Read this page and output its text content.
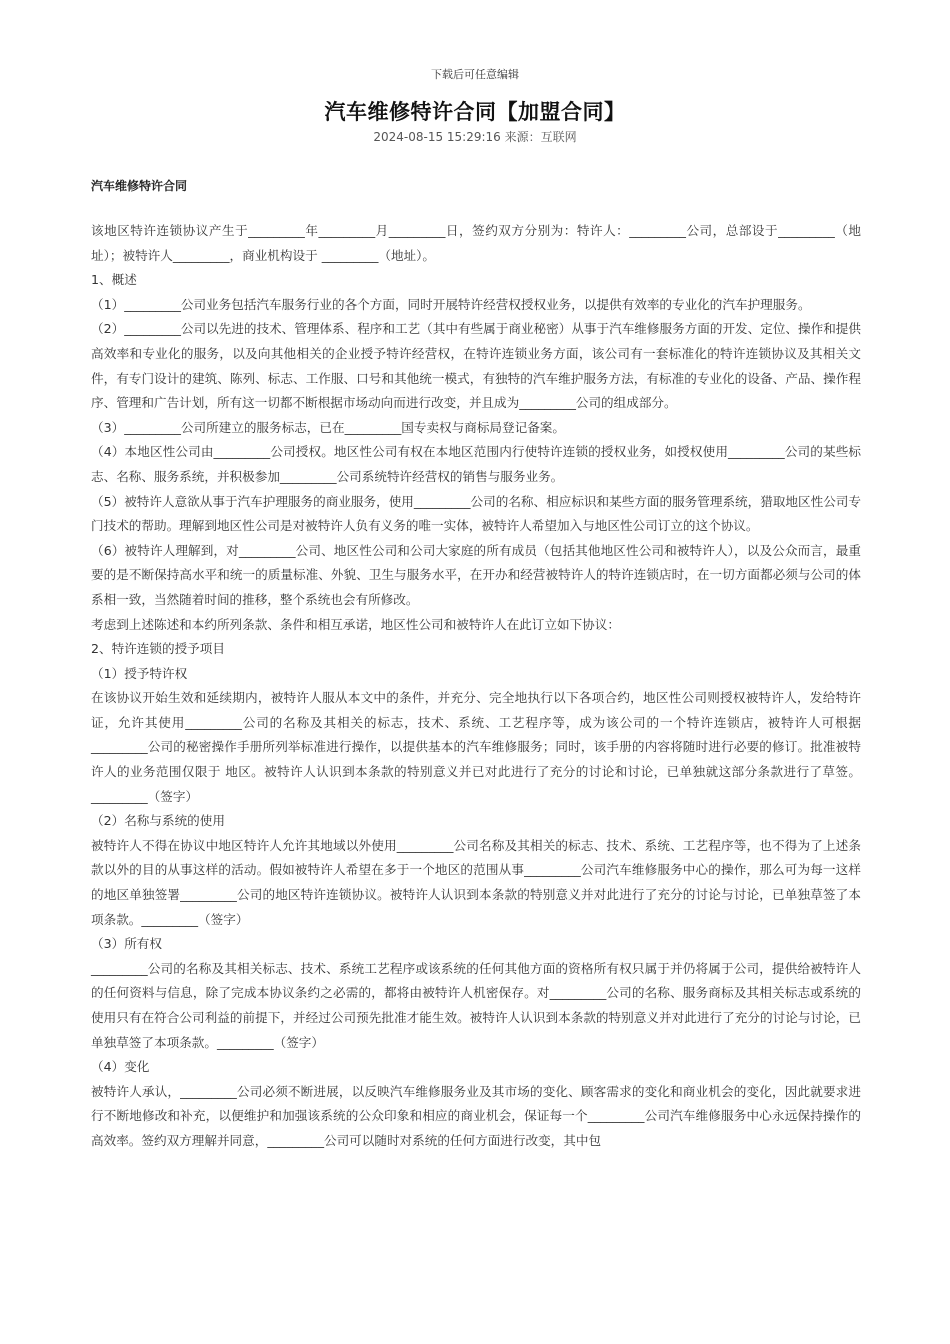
下载后可任意编辑
汽车维修特许合同【加盟合同】
2024-08-15 15:29:16 来源：互联网
汽车维修特许合同

该地区特许连锁协议产生于_________年_________月_________日，签约双方分别为：特许人：_________公司，总部设于_________（地址）；被特许人_________，商业机构设于 _________（地址）。

1、概述

（1）_________公司业务包括汽车服务行业的各个方面，同时开展特许经营权授权业务，以提供有效率的专业化的汽车护理服务。

（2）_________公司以先进的技术、管理体系、程序和工艺（其中有些属于商业秘密）从事于汽车维修服务方面的开发、定位、操作和提供高效率和专业化的服务，以及向其他相关的企业授予特许经营权，在特许连锁业务方面，该公司有一套标准化的特许连锁协议及其相关文件，有专门设计的建筑、陈列、标志、工作服、口号和其他统一模式，有独特的汽车维护服务方法，有标准的专业化的设备、产品、操作程序、管理和广告计划，所有这一切都不断根据市场动向而进行改变，并且成为_________公司的组成部分。

（3）_________公司所建立的服务标志，已在_________国专卖权与商标局登记备案。

（4）本地区性公司由_________公司授权。地区性公司有权在本地区范围内行使特许连锁的授权业务，如授权使用_________公司的某些标志、名称、服务系统，并积极参加_________公司系统特许经营权的销售与服务业务。

（5）被特许人意欲从事于汽车护理服务的商业服务，使用_________公司的名称、相应标识和某些方面的服务管理系统，猎取地区性公司专门技术的帮助。理解到地区性公司是对被特许人负有义务的唯一实体，被特许人希望加入与地区性公司订立的这个协议。

（6）被特许人理解到，对_________公司、地区性公司和公司大家庭的所有成员（包括其他地区性公司和被特许人），以及公众而言，最重要的是不断保持高水平和统一的质量标准、外貌、卫生与服务水平，在开办和经营被特许人的特许连锁店时，在一切方面都必须与公司的体系相一致，当然随着时间的推移，整个系统也会有所修改。

考虑到上述陈述和本约所列条款、条件和相互承诺，地区性公司和被特许人在此订立如下协议：

2、特许连锁的授予项目

（1）授予特许权

在该协议开始生效和延续期内，被特许人服从本文中的条件，并充分、完全地执行以下各项合约，地区性公司则授权被特许人，发给特许证，允许其使用_________公司的名称及其相关的标志，技术、系统、工艺程序等，成为该公司的一个特许连锁店，被特许人可根据_________公司的秘密操作手册所列举标准进行操作，以提供基本的汽车维修服务；同时，该手册的内容将随时进行必要的修订。批准被特许人的业务范围仅限于 地区。被特许人认识到本条款的特别意义并已对此进行了充分的讨论和讨论，已单独就这部分条款进行了草签。_________（签字）

（2）名称与系统的使用

被特许人不得在协议中地区特许人允许其地域以外使用_________公司名称及其相关的标志、技术、系统、工艺程序等，也不得为了上述条款以外的目的从事这样的活动。假如被特许人希望在多于一个地区的范围从事_________公司汽车维修服务中心的操作，那么可为每一这样的地区单独签署_________公司的地区特许连锁协议。被特许人认识到本条款的特别意义并对此进行了充分的讨论与讨论，已单独草签了本项条款。_________（签字）

（3）所有权

_________公司的名称及其相关标志、技术、系统工艺程序或该系统的任何其他方面的资格所有权只属于并仍将属于公司，提供给被特许人的任何资料与信息，除了完成本协议条约之必需的，都将由被特许人机密保存。对_________公司的名称、服务商标及其相关标志或系统的使用只有在符合公司利益的前提下，并经过公司预先批准才能生效。被特许人认识到本条款的特别意义并对此进行了充分的讨论与讨论，已单独草签了本项条款。_________（签字）

（4）变化

被特许人承认，_________公司必须不断进展，以反映汽车维修服务业及其市场的变化、顾客需求的变化和商业机会的变化，因此就要求进行不断地修改和补充，以便维护和加强该系统的公众印象和相应的商业机会，保证每一个_________公司汽车维修服务中心永远保持操作的高效率。签约双方理解并同意，_________公司可以随时对系统的任何方面进行改变，其中包
